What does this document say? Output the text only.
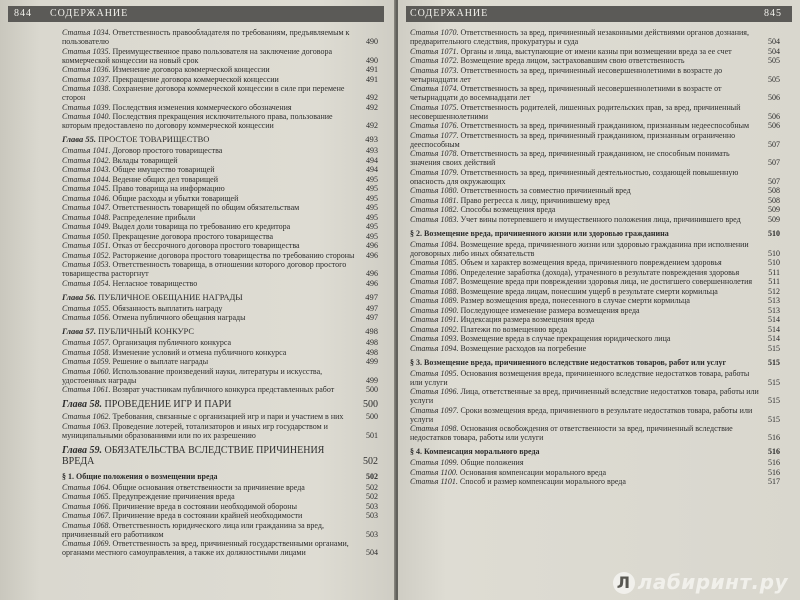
844 СОДЕРЖАНИЕ
Статья 1034. Ответственность правообладателя по требованиям, предъявляемым к пользователю	490
Статья 1035. Преимущественное право пользователя на заключение договора коммерческой концессии на новый срок	490
Статья 1036. Изменение договора коммерческой концессии	491
Статья 1037. Прекращение договора коммерческой концессии	491
Статья 1038. Сохранение договора коммерческой концессии в силе при перемене сторон	492
Статья 1039. Последствия изменения коммерческого обозначения	492
Статья 1040. Последствия прекращения исключительного права, пользование которым предоставлено по договору коммерческой концессии	492
Глава 55. ПРОСТОЕ ТОВАРИЩЕСТВО	493
Статья 1041. Договор простого товарищества	493
Статья 1042. Вклады товарищей	494
Статья 1043. Общее имущество товарищей	494
Статья 1044. Ведение общих дел товарищей	495
Статья 1045. Право товарища на информацию	495
Статья 1046. Общие расходы и убытки товарищей	495
Статья 1047. Ответственность товарищей по общим обязательствам	495
Статья 1048. Распределение прибыли	495
Статья 1049. Выдел доли товарища по требованию его кредитора	495
Статья 1050. Прекращение договора простого товарищества	495
Статья 1051. Отказ от бессрочного договора простого товарищества	496
Статья 1052. Расторжение договора простого товарищества по требованию стороны 496
Статья 1053. Ответственность товарища, в отношении которого договор простого товарищества расторгнут	496
Статья 1054. Негласное товарищество	496
Глава 56. ПУБЛИЧНОЕ ОБЕЩАНИЕ НАГРАДЫ	497
Статья 1055. Обязанность выплатить награду	497
Статья 1056. Отмена публичного обещания награды	497
Глава 57. ПУБЛИЧНЫЙ КОНКУРС	498
Статья 1057. Организация публичного конкурса	498
Статья 1058. Изменение условий и отмена публичного конкурса	498
Статья 1059. Решение о выплате награды	499
Статья 1060. Использование произведений науки, литературы и искусства, удостоенных награды	499
Статья 1061. Возврат участникам публичного конкурса представленных работ	500
Глава 58. ПРОВЕДЕНИЕ ИГР И ПАРИ	500
Статья 1062. Требования, связанные с организацией игр и пари и участием в них	500
Статья 1063. Проведение лотерей, тотализаторов и иных игр государством и муниципальными образованиями или по их разрешению	501
Глава 59. ОБЯЗАТЕЛЬСТВА ВСЛЕДСТВИЕ ПРИЧИНЕНИЯ ВРЕДА	502
§ 1. Общие положения о возмещении вреда	502
Статья 1064. Общие основания ответственности за причинение вреда	502
Статья 1065. Предупреждение причинения вреда	502
Статья 1066. Причинение вреда в состоянии необходимой обороны	503
Статья 1067. Причинение вреда в состоянии крайней необходимости	503
Статья 1068. Ответственность юридического лица или гражданина за вред, причиненный его работником	503
Статья 1069. Ответственность за вред, причиненный государственными органами, органами местного самоуправления, а также их должностными лицами	504
СОДЕРЖАНИЕ	845
Статья 1070. Ответственность за вред, причиненный незаконными действиями органов дознания, предварительного следствия, прокуратуры и суда	504
Статья 1071. Органы и лица, выступающие от имени казны при возмещении вреда за ее счет	504
Статья 1072. Возмещение вреда лицом, застраховавшим свою ответственность	505
Статья 1073. Ответственность за вред, причиненный несовершеннолетними в возрасте до четырнадцати лет	505
Статья 1074. Ответственность за вред, причиненный несовершеннолетними в возрасте от четырнадцати до восемнадцати лет	506
Статья 1075. Ответственность родителей, лишенных родительских прав, за вред, причиненный несовершеннолетними	506
Статья 1076. Ответственность за вред, причиненный гражданином, признанным недееспособным 506
Статья 1077. Ответственность за вред, причиненный гражданином, признанным ограниченно дееспособным	507
Статья 1078. Ответственность за вред, причиненный гражданином, не способным понимать значения своих действий	507
Статья 1079. Ответственность за вред, причиненный деятельностью, создающей повышенную опасность для окружающих	507
Статья 1080. Ответственность за совместно причиненный вред	508
Статья 1081. Право регресса к лицу, причинившему вред	508
Статья 1082. Способы возмещения вреда	509
Статья 1083. Учет вины потерпевшего и имущественного положения лица, причинившего вред	509
§ 2. Возмещение вреда, причиненного жизни или здоровью гражданина	510
Статья 1084. Возмещение вреда, причиненного жизни или здоровью гражданина при исполнении договорных либо иных обязательств	510
Статья 1085. Объем и характер возмещения вреда, причиненного повреждением здоровья	510
Статья 1086. Определение заработка (дохода), утраченного в результате повреждения здоровья	511
Статья 1087. Возмещение вреда при повреждении здоровья лица, не достигшего совершеннолетия 511
Статья 1088. Возмещение вреда лицам, понесшим ущерб в результате смерти кормильца	512
Статья 1089. Размер возмещения вреда, понесенного в случае смерти кормильца	513
Статья 1090. Последующее изменение размера возмещения вреда	513
Статья 1091. Индексация размера возмещения вреда	514
Статья 1092. Платежи по возмещению вреда	514
Статья 1093. Возмещение вреда в случае прекращения юридического лица	514
Статья 1094. Возмещение расходов на погребение	515
§ 3. Возмещение вреда, причиненного вследствие недостатков товаров, работ или услуг	515
Статья 1095. Основания возмещения вреда, причиненного вследствие недостатков товара, работы или услуги	515
Статья 1096. Лица, ответственные за вред, причиненный вследствие недостатков товара, работы или услуги	515
Статья 1097. Сроки возмещения вреда, причиненного в результате недостатков товара, работы или услуги	515
Статья 1098. Основания освобождения от ответственности за вред, причиненный вследствие недостатков товара, работы или услуги	516
§ 4. Компенсация морального вреда	516
Статья 1099. Общие положения	516
Статья 1100. Основания компенсации морального вреда	516
Статья 1101. Способ и размер компенсации морального вреда	517
Л лабиринт.ру
